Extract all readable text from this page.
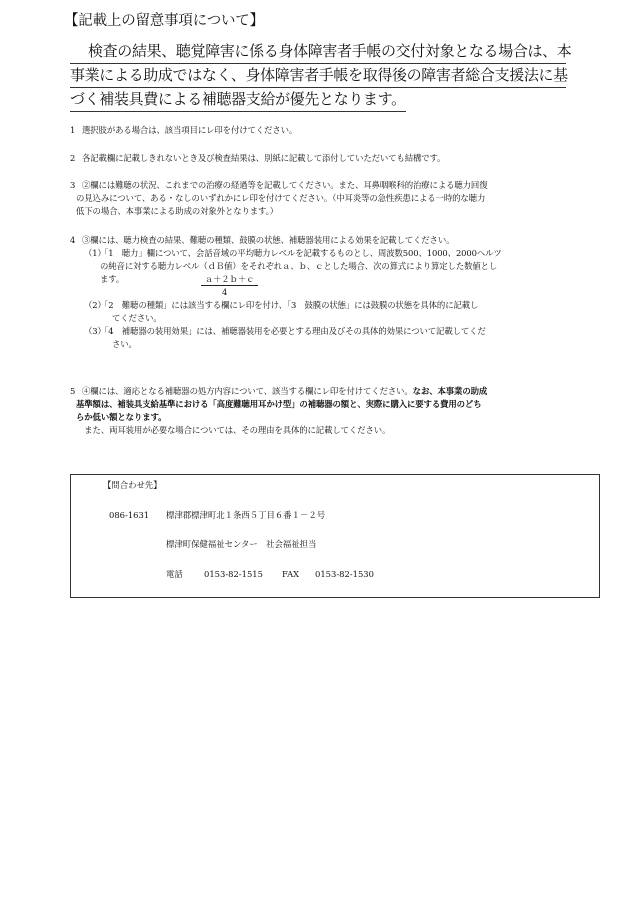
【記載上の留意事項について】
検査の結果、聴覚障害に係る身体障害者手帳の交付対象となる場合は、本
事業による助成ではなく、身体障害者手帳を取得後の障害者総合支援法に基
づく補装具費による補聴器支給が優先となります。
1 選択肢がある場合は、該当項目にレ印を付けてください。
2 各記載欄に記載しきれないとき及び検査結果は、別紙に記載して添付していただいても結構です。
3 ②欄には難聴の状況、これまでの治療の経過等を記載してください。また、耳鼻咽喉科的治療による聴力回復
の見込みについて、ある・なしのいずれかにレ印を付けてください。（中耳炎等の急性疾患による一時的な聴力
低下の場合、本事業による助成の対象外となります。）
4 ③欄には、聴力検査の結果、難聴の種類、鼓膜の状態、補聴器装用による効果を記載してください。
（1）
「1　聴力」欄について、会話音域の平均聴力レベルを記載するものとし、周波数500、1000、2000ヘルツ
の純音に対する聴力レベル（ｄＢ値）をそれぞれａ、ｂ、ｃとした場合、次の算式により算定した数値とし
ます。	ａ＋２ｂ＋ｃ
4
（2）
「2　難聴の種類」には該当する欄にレ印を付け、「3　鼓膜の状態」には鼓膜の状態を具体的に記載し
てください。
（3）
「4　補聴器の装用効果」には、補聴器装用を必要とする理由及びその具体的効果について記載してくだ
さい。
5 ④欄には、適応となる補聴器の処方内容について、該当する欄にレ印を付けてください。なお、本事業の助成
基準額は、補装具支給基準における「高度難聴用耳かけ型」の補聴器の額と、実際に購入に要する費用のどち
らか低い額となります。
　また、両耳装用が必要な場合については、その理由を具体的に記載してください。
【問合わせ先】
086-1631 標津郡標津町北１条西５丁目６番１－２号
標津町保健福祉センター　社会福祉担当
電話	0153-82-1515 FAX 0153-82-1530
